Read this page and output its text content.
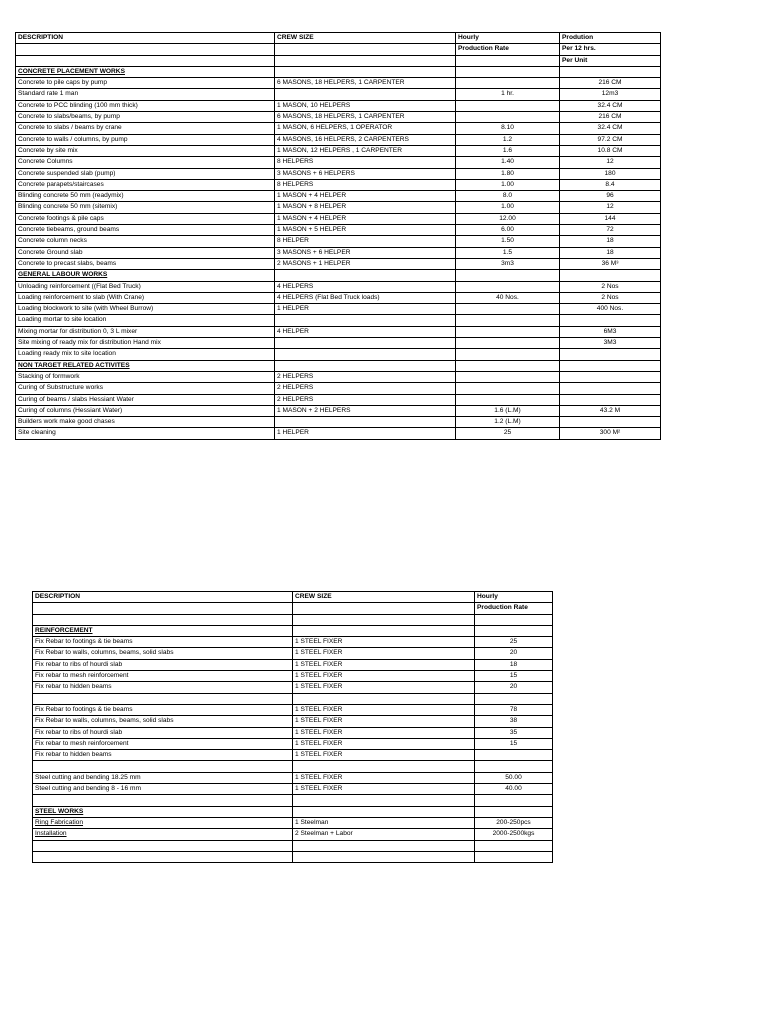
DESCRIPTION	CREW SIZE	Hourly	Prodution
		Production Rate	Per 12 hrs.
			Per Unit
CONCRETE PLACEMENT WORKS			
Concrete to pile caps by pump	6 MASONS, 18 HELPERS, 1 CARPENTER		216 CM
Standard rate 1 man		1 hr.	12m3
Concrete to PCC blinding (100 mm thick)	1 MASON, 10 HELPERS		32.4 CM
Concrete to slabs/beams, by pump	6 MASONS, 18 HELPERS, 1 CARPENTER		216 CM
Concrete to slabs / beams by crane	1 MASON, 6 HELPERS, 1 OPERATOR	8.10	32.4 CM
Concrete to walls / columns, by pump	4 MASONS, 16 HELPERS, 2 CARPENTERS	1.2	97.2 CM
Concrete by site mix	1 MASON, 12 HELPERS , 1 CARPENTER	1.6	10.8 CM
Concrete Columns	8 HELPERS	1.40	12
Concrete suspended slab (pump)	3 MASONS + 6 HELPERS	1.80	180
Concrete parapets/staircases	8 HELPERS	1.00	8.4
Blinding concrete 50 mm (readymix)	1 MASON + 4 HELPER	8.0	96
Blinding concrete 50 mm (sitemix)	1 MASON + 8 HELPER	1.00	12
Concrete footings & pile caps	1 MASON + 4 HELPER	12.00	144
Concrete tiebeams, ground beams	1 MASON + 5 HELPER	6.00	72
Concrete column necks	8 HELPER	1.50	18
Concrete Ground slab	3 MASONS + 6 HELPER	1.5	18
Concrete to precast slabs, beams	2 MASONS + 1 HELPER	3m3	36 M³
GENERAL LABOUR WORKS			
Unloading reinforcement ((Flat Bed Truck)	4 HELPERS		2 Nos
Loading reinforcement to slab (With Crane)	4 HELPERS (Flat Bed Truck loads)	40 Nos.	2 Nos
Loading blockwork to site (with Wheel Burrow)	1 HELPER		400 Nos.
Loading mortar to site location			
Mixing mortar for distribution 0, 3 L mixer	4 HELPER		6M3
Site mixing of ready mix for distribution Hand mix			3M3
Loading ready mix to site location			
NON TARGET RELATED ACTIVITES			
Stacking of formwork	2 HELPERS		
Curing of Substructure works	2 HELPERS		
Curing of beams / slabs Hessiant Water	2 HELPERS		
Curing of columns (Hessiant Water)	1 MASON + 2 HELPERS	1.6 (L.M)	43.2 M
Builders work make good chases		1.2 (L.M)	
Site cleaning	1 HELPER	25	300 M²
DESCRIPTION	CREW SIZE	Hourly
		Production Rate

REINFORCEMENT		
Fix Rebar to footings & tie beams	1 STEEL FIXER	25
Fix Rebar to walls, columns, beams, solid slabs	1 STEEL FIXER	20
Fix rebar to ribs of hourdi slab	1 STEEL FIXER	18
Fix rebar to mesh reinforcement	1 STEEL FIXER	15
Fix rebar to hidden beams	1 STEEL FIXER	20

Fix Rebar to footings & tie beams	1 STEEL FIXER	78
Fix Rebar to walls, columns, beams, solid slabs	1 STEEL FIXER	38
Fix rebar to ribs of hourdi slab	1 STEEL FIXER	35
Fix rebar to mesh reinforcement	1 STEEL FIXER	15
Fix rebar to hidden beams	1 STEEL FIXER	

Steel cutting and bending 18.25 mm	1 STEEL FIXER	50.00
Steel cutting and bending 8 - 16 mm	1 STEEL FIXER	40.00

STEEL WORKS		
Ring Fabrication	1 Steelman	200-250pcs
Installation	2 Steelman + Labor	2000-2500kgs
